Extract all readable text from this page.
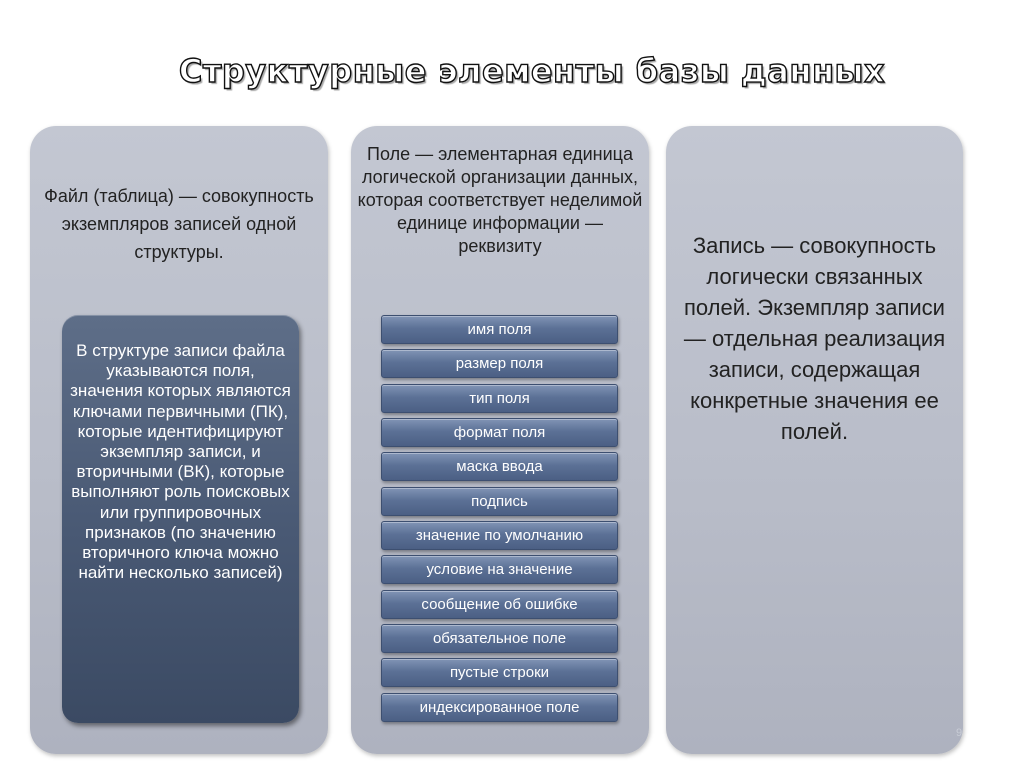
Структурные элементы базы данных
Файл (таблица) — совокупность экземпляров записей одной структуры.
В структуре записи файла указываются поля, значения которых являются ключами первичными (ПК), которые идентифицируют экземпляр записи, и вторичными (ВК), которые выполняют роль поисковых или группировочных признаков (по значению вторичного ключа можно найти несколько записей)
Поле — элементарная единица логической организации данных, которая соответствует неделимой единице информации — реквизиту
имя поля
размер поля
тип поля
формат поля
маска ввода
подпись
значение по умолчанию
условие на значение
сообщение об ошибке
обязательное поле
пустые строки
индексированное поле
Запись — совокупность логически связанных полей. Экземпляр записи — отдельная реализация записи, содержащая конкретные значения ее полей.
9
